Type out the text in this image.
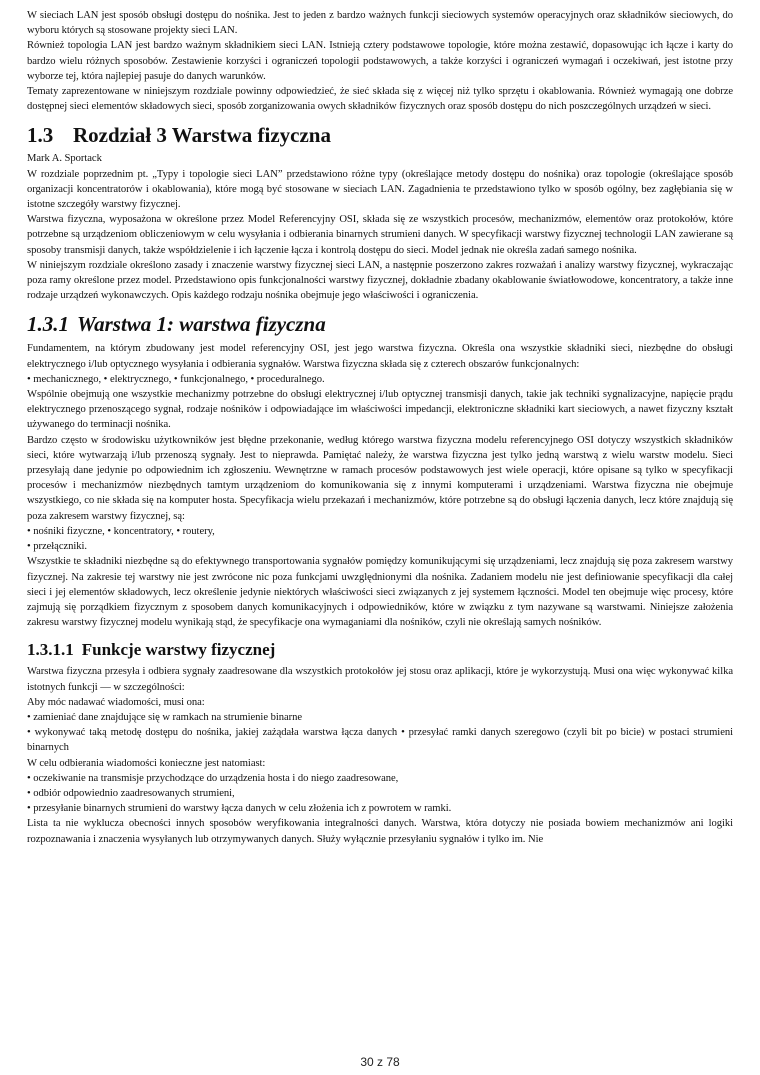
W sieciach LAN jest sposób obsługi dostępu do nośnika. Jest to jeden z bardzo ważnych funkcji sieciowych systemów operacyjnych oraz składników sieciowych, do wyboru których są stosowane projekty sieci LAN.

Również topologia LAN jest bardzo ważnym składnikiem sieci LAN. Istnieją cztery podstawowe topologie, które można zestawić, dopasowując ich łącze i karty do bardzo wielu różnych sposobów. Zestawienie korzyści i ograniczeń topologii podstawowych, a także korzyści i ograniczeń wymagań i oczekiwań, jest istotne przy wyborze tej, która najlepiej pasuje do danych warunków.

Tematy zaprezentowane w niniejszym rozdziale powinny odpowiedzieć, że sieć składa się z więcej niż tylko sprzętu i okablowania. Również wymagają one dobrze dostępnej sieci elementów składowych sieci, sposób zorganizowania owych składników fizycznych oraz sposób dostępu do nich poszczególnych urządzeń w sieci.

1.3 Rozdział 3 Warstwa fizyczna

Mark A. Sportack

W rozdziale poprzednim pt. „Typy i topologie sieci LAN” przedstawiono różne typy (określające metody dostępu do nośnika) oraz topologie (określające sposób organizacji koncentratorów i okablowania), które mogą być stosowane w sieciach LAN. Zagadnienia te przedstawiono tylko w sposób ogólny, bez zagłębiania się w istotne szczegóły warstwy fizycznej.

Warstwa fizyczna, wyposażona w określone przez Model Referencyjny OSI, składa się ze wszystkich procesów, mechanizmów, elementów oraz protokołów, które potrzebne są urządzeniom obliczeniowym w celu wysyłania i odbierania binarnych strumieni danych. W specyfikacji warstwy fizycznej technologii LAN zawierane są sposoby transmisji danych, także współdzielenie i ich łączenie łącza i kontrolą dostępu do sieci. Model jednak nie określa zadań samego nośnika.

W niniejszym rozdziale określono zasady i znaczenie warstwy fizycznej sieci LAN, a następnie poszerzono zakres rozważań i analizy warstwy fizycznej, wykraczając poza ramy określone przez model. Przedstawiono opis funkcjonalności warstwy fizycznej, dokładnie zbadany okablowanie światłowodowe, koncentratory, a także inne rodzaje urządzeń wykonawczych. Opis każdego rodzaju nośnika obejmuje jego właściwości i ograniczenia.

1.3.1 Warstwa 1: warstwa fizyczna

Fundamentem, na którym zbudowany jest model referencyjny OSI, jest jego warstwa fizyczna. Określa ona wszystkie składniki sieci, niezbędne do obsługi elektrycznego i/lub optycznego wysyłania i odbierania sygnałów. Warstwa fizyczna składa się z czterech obszarów funkcjonalnych:

• mechanicznego, • elektrycznego, • funkcjonalnego, • proceduralnego.

Wspólnie obejmują one wszystkie mechanizmy potrzebne do obsługi elektrycznej i/lub optycznej transmisji danych, takie jak techniki sygnalizacyjne, napięcie prądu elektrycznego przenoszącego sygnał, rodzaje nośników i odpowiadające im właściwości impedancji, elektroniczne składniki kart sieciowych, a nawet fizyczny kształt używanego do terminacji nośnika.

Bardzo często w środowisku użytkowników jest błędne przekonanie, według którego warstwa fizyczna modelu referencyjnego OSI dotyczy wszystkich składników sieci, które wytwarzają i/lub przenoszą sygnały. Jest to nieprawda. Pamiętać należy, że warstwa fizyczna jest tylko jedną warstwą z wielu warstw modelu. Sieci przesyłają dane jedynie po odpowiednim ich zgłoszeniu. Wewnętrzne w ramach procesów podstawowych jest wiele operacji, które opisane są tylko w specyfikacji procesów i mechanizmów niezbędnych tamtym urządzeniom do komunikowania się z innymi komputerami i urządzeniami. Warstwa fizyczna nie obejmuje wszystkiego, co nie składa się na komputer hosta. Specyfikacja wielu przekazań i mechanizmów, które potrzebne są do obsługi łączenia danych, lecz które znajdują się poza zakresem warstwy fizycznej, są:

• nośniki fizyczne, • koncentratory, • routery,

• przełączniki.

Wszystkie te składniki niezbędne są do efektywnego transportowania sygnałów pomiędzy komunikującymi się urządzeniami, lecz znajdują się poza zakresem warstwy fizycznej. Na zakresie tej warstwy nie jest zwrócone nic poza funkcjami uwzględnionymi dla nośnika. Zadaniem modelu nie jest definiowanie specyfikacji dla całej sieci i jej elementów składowych, lecz określenie jedynie niektórych właściwości sieci związanych z jej systemem łączności. Model ten obejmuje więc procesy, które zajmują się porządkiem fizycznym z sposobem danych komunikacyjnych i odpowiedników, które w związku z tym nazywane są warstwami. Niniejsze założenia zakresu warstwy fizycznej modelu wynikają stąd, że specyfikacje ona wymaganiami dla nośników, czyli nie określają samych nośników.

1.3.1.1 Funkcje warstwy fizycznej

Warstwa fizyczna przesyła i odbiera sygnały zaadresowane dla wszystkich protokołów jej stosu oraz aplikacji, które je wykorzystują. Musi ona więc wykonywać kilka istotnych funkcji — w szczególności:

Aby móc nadawać wiadomości, musi ona:

• zamieniać dane znajdujące się w ramkach na strumienie binarne

• wykonywać taką metodę dostępu do nośnika, jakiej zażądała warstwa łącza danych • przesyłać ramki danych szeregowo (czyli bit po bicie) w postaci strumieni binarnych

W celu odbierania wiadomości konieczne jest natomiast:

• oczekiwanie na transmisje przychodzące do urządzenia hosta i do niego zaadresowane,

• odbiór odpowiednio zaadresowanych strumieni,

• przesyłanie binarnych strumieni do warstwy łącza danych w celu złożenia ich z powrotem w ramki.

Lista ta nie wyklucza obecności innych sposobów weryfikowania integralności danych. Warstwa, która dotyczy nie posiada bowiem mechanizmów ani logiki rozpoznawania i znaczenia wysyłanych lub otrzymywanych danych. Służy wyłącznie przesyłaniu sygnałów i tylko im. Nie

30 z 78
